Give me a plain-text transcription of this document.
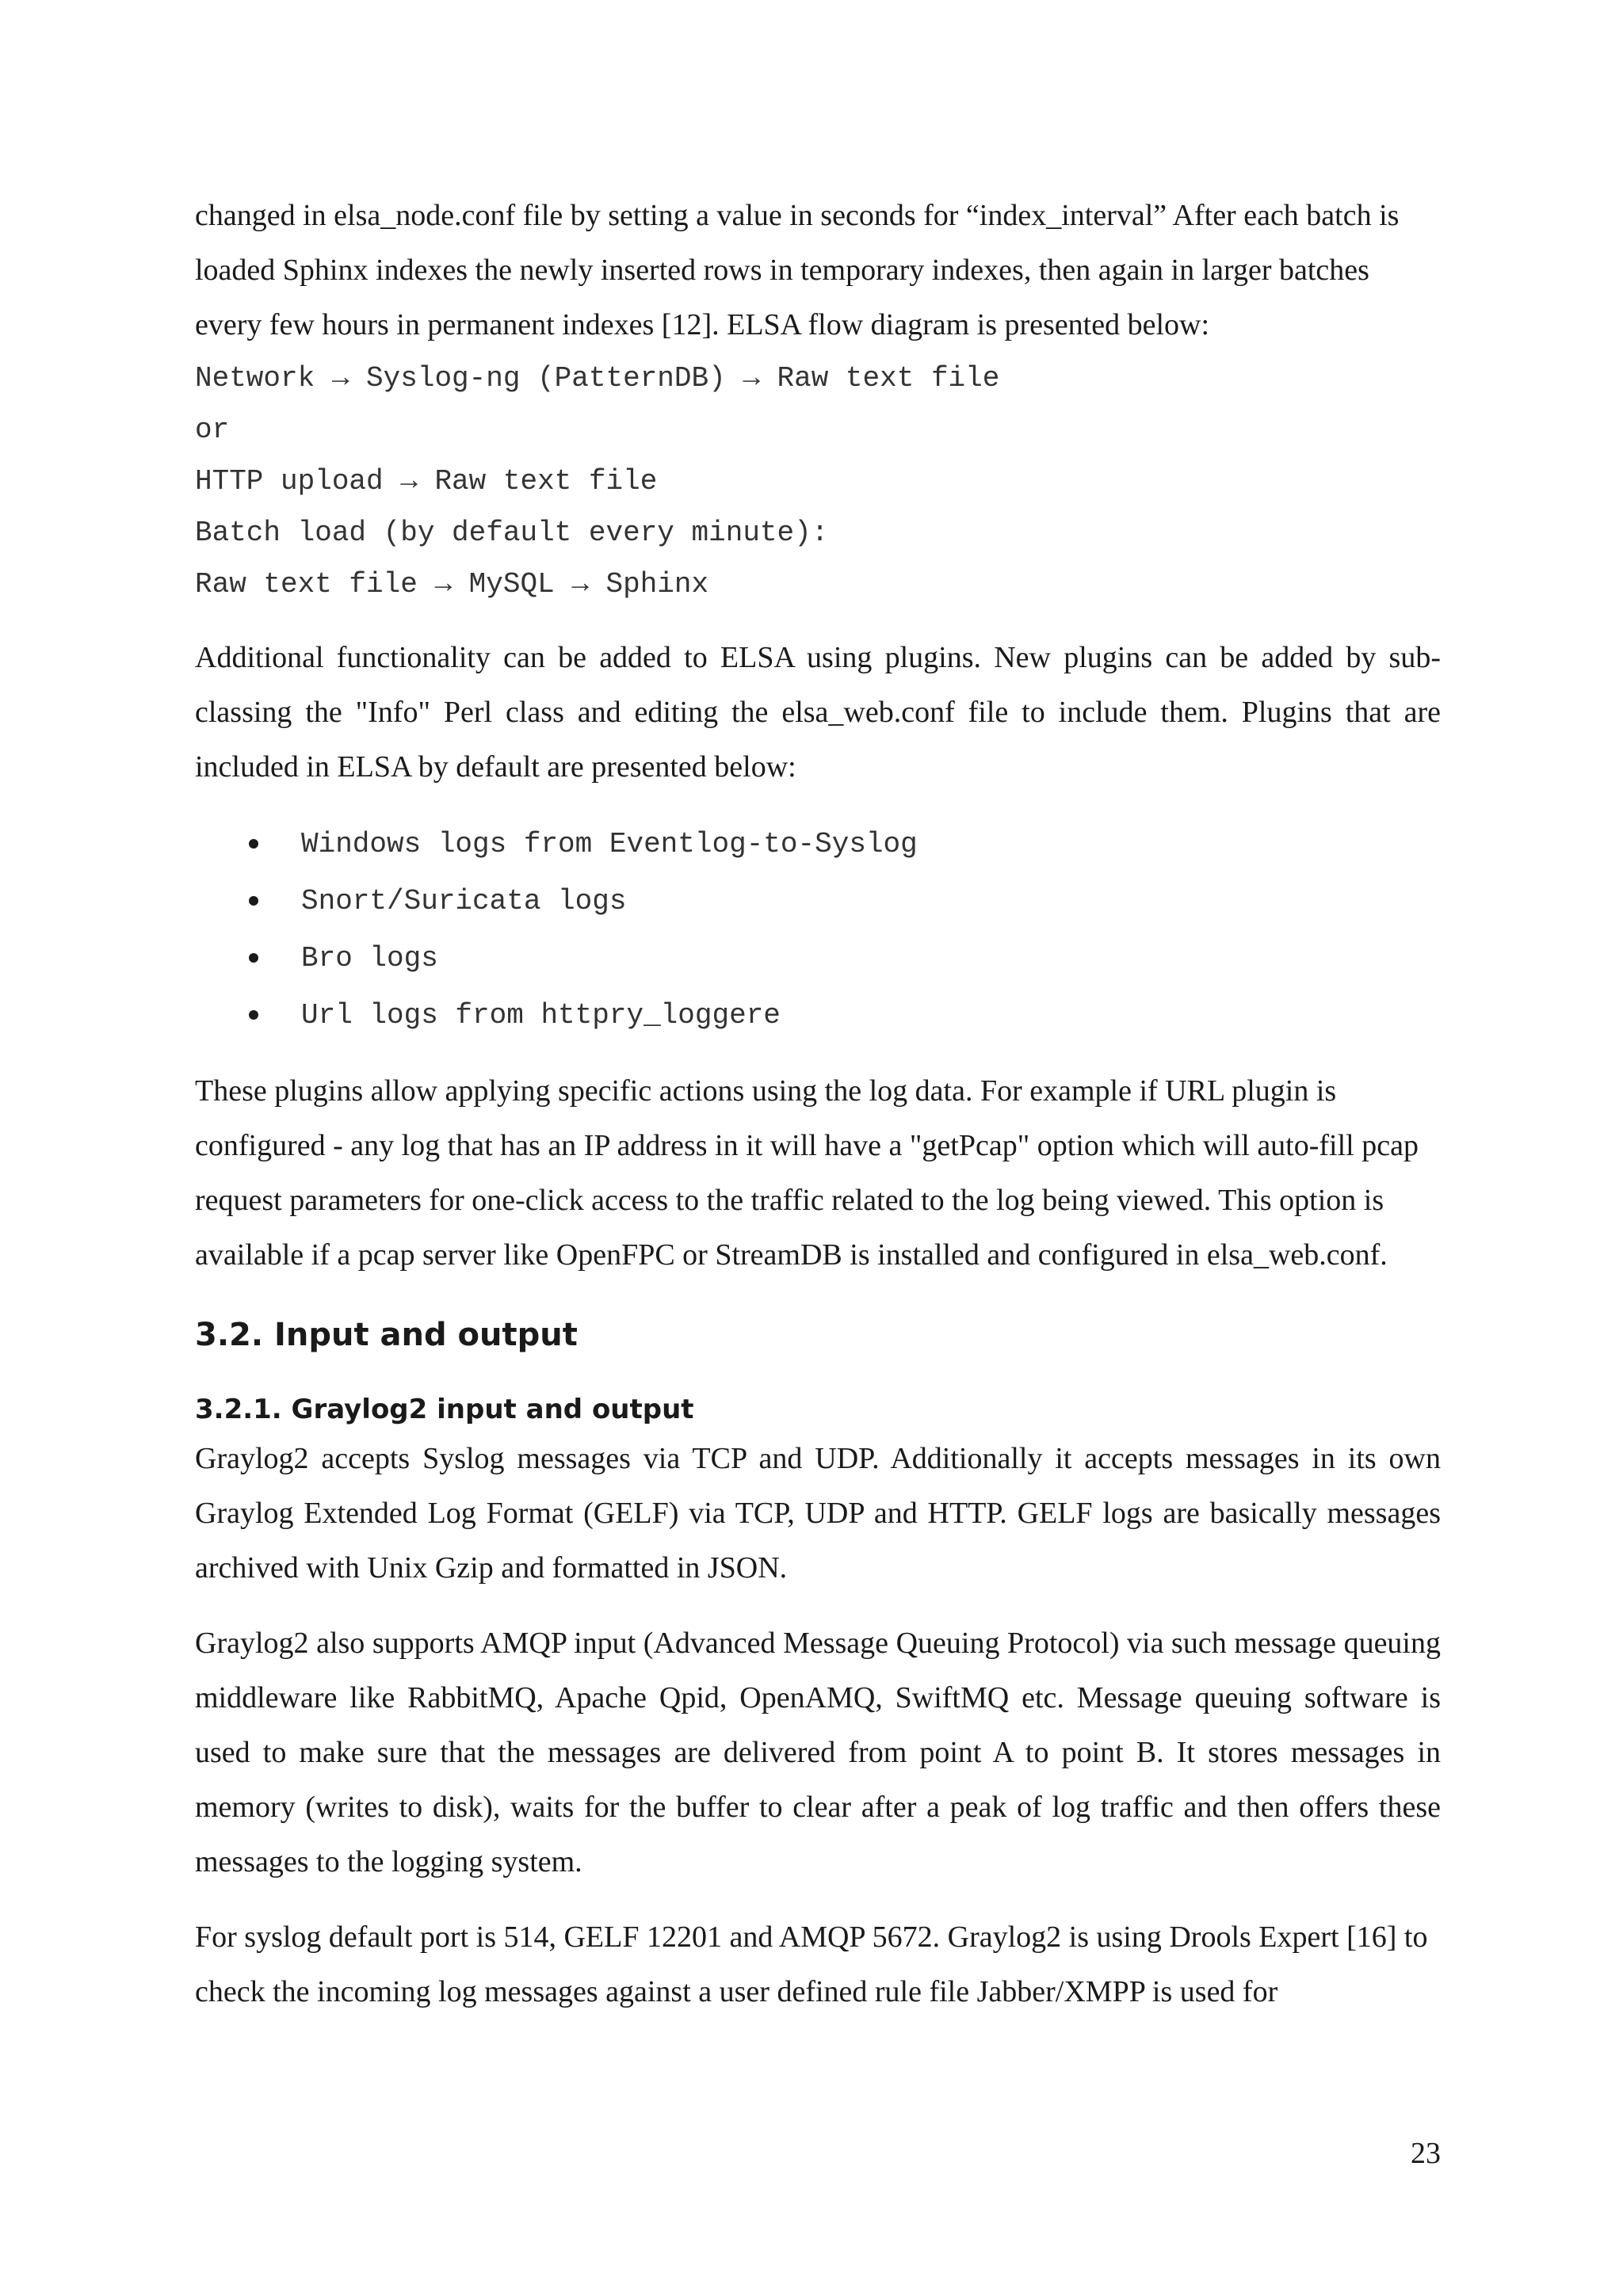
changed in elsa_node.conf file by setting a value in seconds for “index_interval” After each batch is loaded Sphinx indexes the newly inserted rows in temporary indexes, then again in larger batches every few hours in permanent indexes [12]. ELSA flow diagram is presented below:

Network → Syslog-ng (PatternDB) → Raw text file

or

HTTP upload → Raw text file

Batch load (by default every minute):

Raw text file → MySQL → Sphinx

Additional functionality can be added to ELSA using plugins. New plugins can be added by sub-classing the "Info" Perl class and editing the elsa_web.conf file to include them. Plugins that are included in ELSA by default are presented below:

Windows logs from Eventlog-to-Syslog
Snort/Suricata logs
Bro logs
Url logs from httpry_loggere

These plugins allow applying specific actions using the log data. For example if URL plugin is configured - any log that has an IP address in it will have a "getPcap" option which will auto-fill pcap request parameters for one-click access to the traffic related to the log being viewed. This option is available if a pcap server like OpenFPC or StreamDB is installed and configured in elsa_web.conf.

3.2. Input and output
3.2.1. Graylog2 input and output

Graylog2 accepts Syslog messages via TCP and UDP. Additionally it accepts messages in its own Graylog Extended Log Format (GELF) via TCP, UDP and HTTP. GELF logs are basically messages archived with Unix Gzip and formatted in JSON.

Graylog2 also supports AMQP input (Advanced Message Queuing Protocol) via such message queuing middleware like RabbitMQ, Apache Qpid, OpenAMQ, SwiftMQ etc. Message queuing software is used to make sure that the messages are delivered from point A to point B. It stores messages in memory (writes to disk), waits for the buffer to clear after a peak of log traffic and then offers these messages to the logging system.

For syslog default port is 514, GELF 12201 and AMQP 5672. Graylog2 is using Drools Expert [16] to check the incoming log messages against a user defined rule file Jabber/XMPP is used for

23
